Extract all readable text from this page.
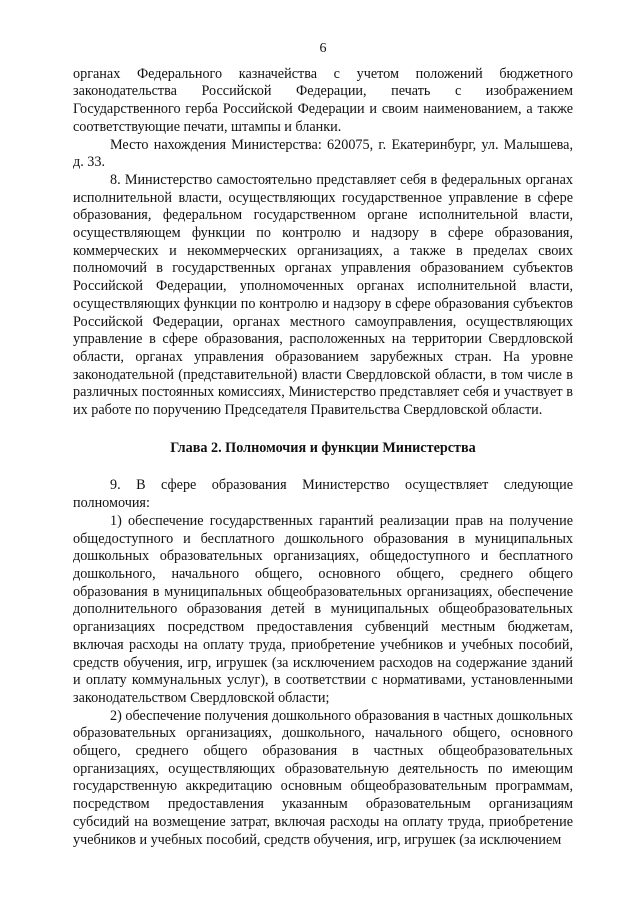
6

органах Федерального казначейства с учетом положений бюджетного законодательства Российской Федерации, печать с изображением Государственного герба Российской Федерации и своим наименованием, а также соответствующие печати, штампы и бланки.

Место нахождения Министерства: 620075, г. Екатеринбург, ул. Малышева, д. 33.

8. Министерство самостоятельно представляет себя в федеральных органах исполнительной власти, осуществляющих государственное управление в сфере образования, федеральном государственном органе исполнительной власти, осуществляющем функции по контролю и надзору в сфере образования, коммерческих и некоммерческих организациях, а также в пределах своих полномочий в государственных органах управления образованием субъектов Российской Федерации, уполномоченных органах исполнительной власти, осуществляющих функции по контролю и надзору в сфере образования субъектов Российской Федерации, органах местного самоуправления, осуществляющих управление в сфере образования, расположенных на территории Свердловской области, органах управления образованием зарубежных стран. На уровне законодательной (представительной) власти Свердловской области, в том числе в различных постоянных комиссиях, Министерство представляет себя и участвует в их работе по поручению Председателя Правительства Свердловской области.

Глава 2. Полномочия и функции Министерства

9. В сфере образования Министерство осуществляет следующие полномочия:

1) обеспечение государственных гарантий реализации прав на получение общедоступного и бесплатного дошкольного образования в муниципальных дошкольных образовательных организациях, общедоступного и бесплатного дошкольного, начального общего, основного общего, среднего общего образования в муниципальных общеобразовательных организациях, обеспечение дополнительного образования детей в муниципальных общеобразовательных организациях посредством предоставления субвенций местным бюджетам, включая расходы на оплату труда, приобретение учебников и учебных пособий, средств обучения, игр, игрушек (за исключением расходов на содержание зданий и оплату коммунальных услуг), в соответствии с нормативами, установленными законодательством Свердловской области;

2) обеспечение получения дошкольного образования в частных дошкольных образовательных организациях, дошкольного, начального общего, основного общего, среднего общего образования в частных общеобразовательных организациях, осуществляющих образовательную деятельность по имеющим государственную аккредитацию основным общеобразовательным программам, посредством предоставления указанным образовательным организациям субсидий на возмещение затрат, включая расходы на оплату труда, приобретение учебников и учебных пособий, средств обучения, игр, игрушек (за исключением
